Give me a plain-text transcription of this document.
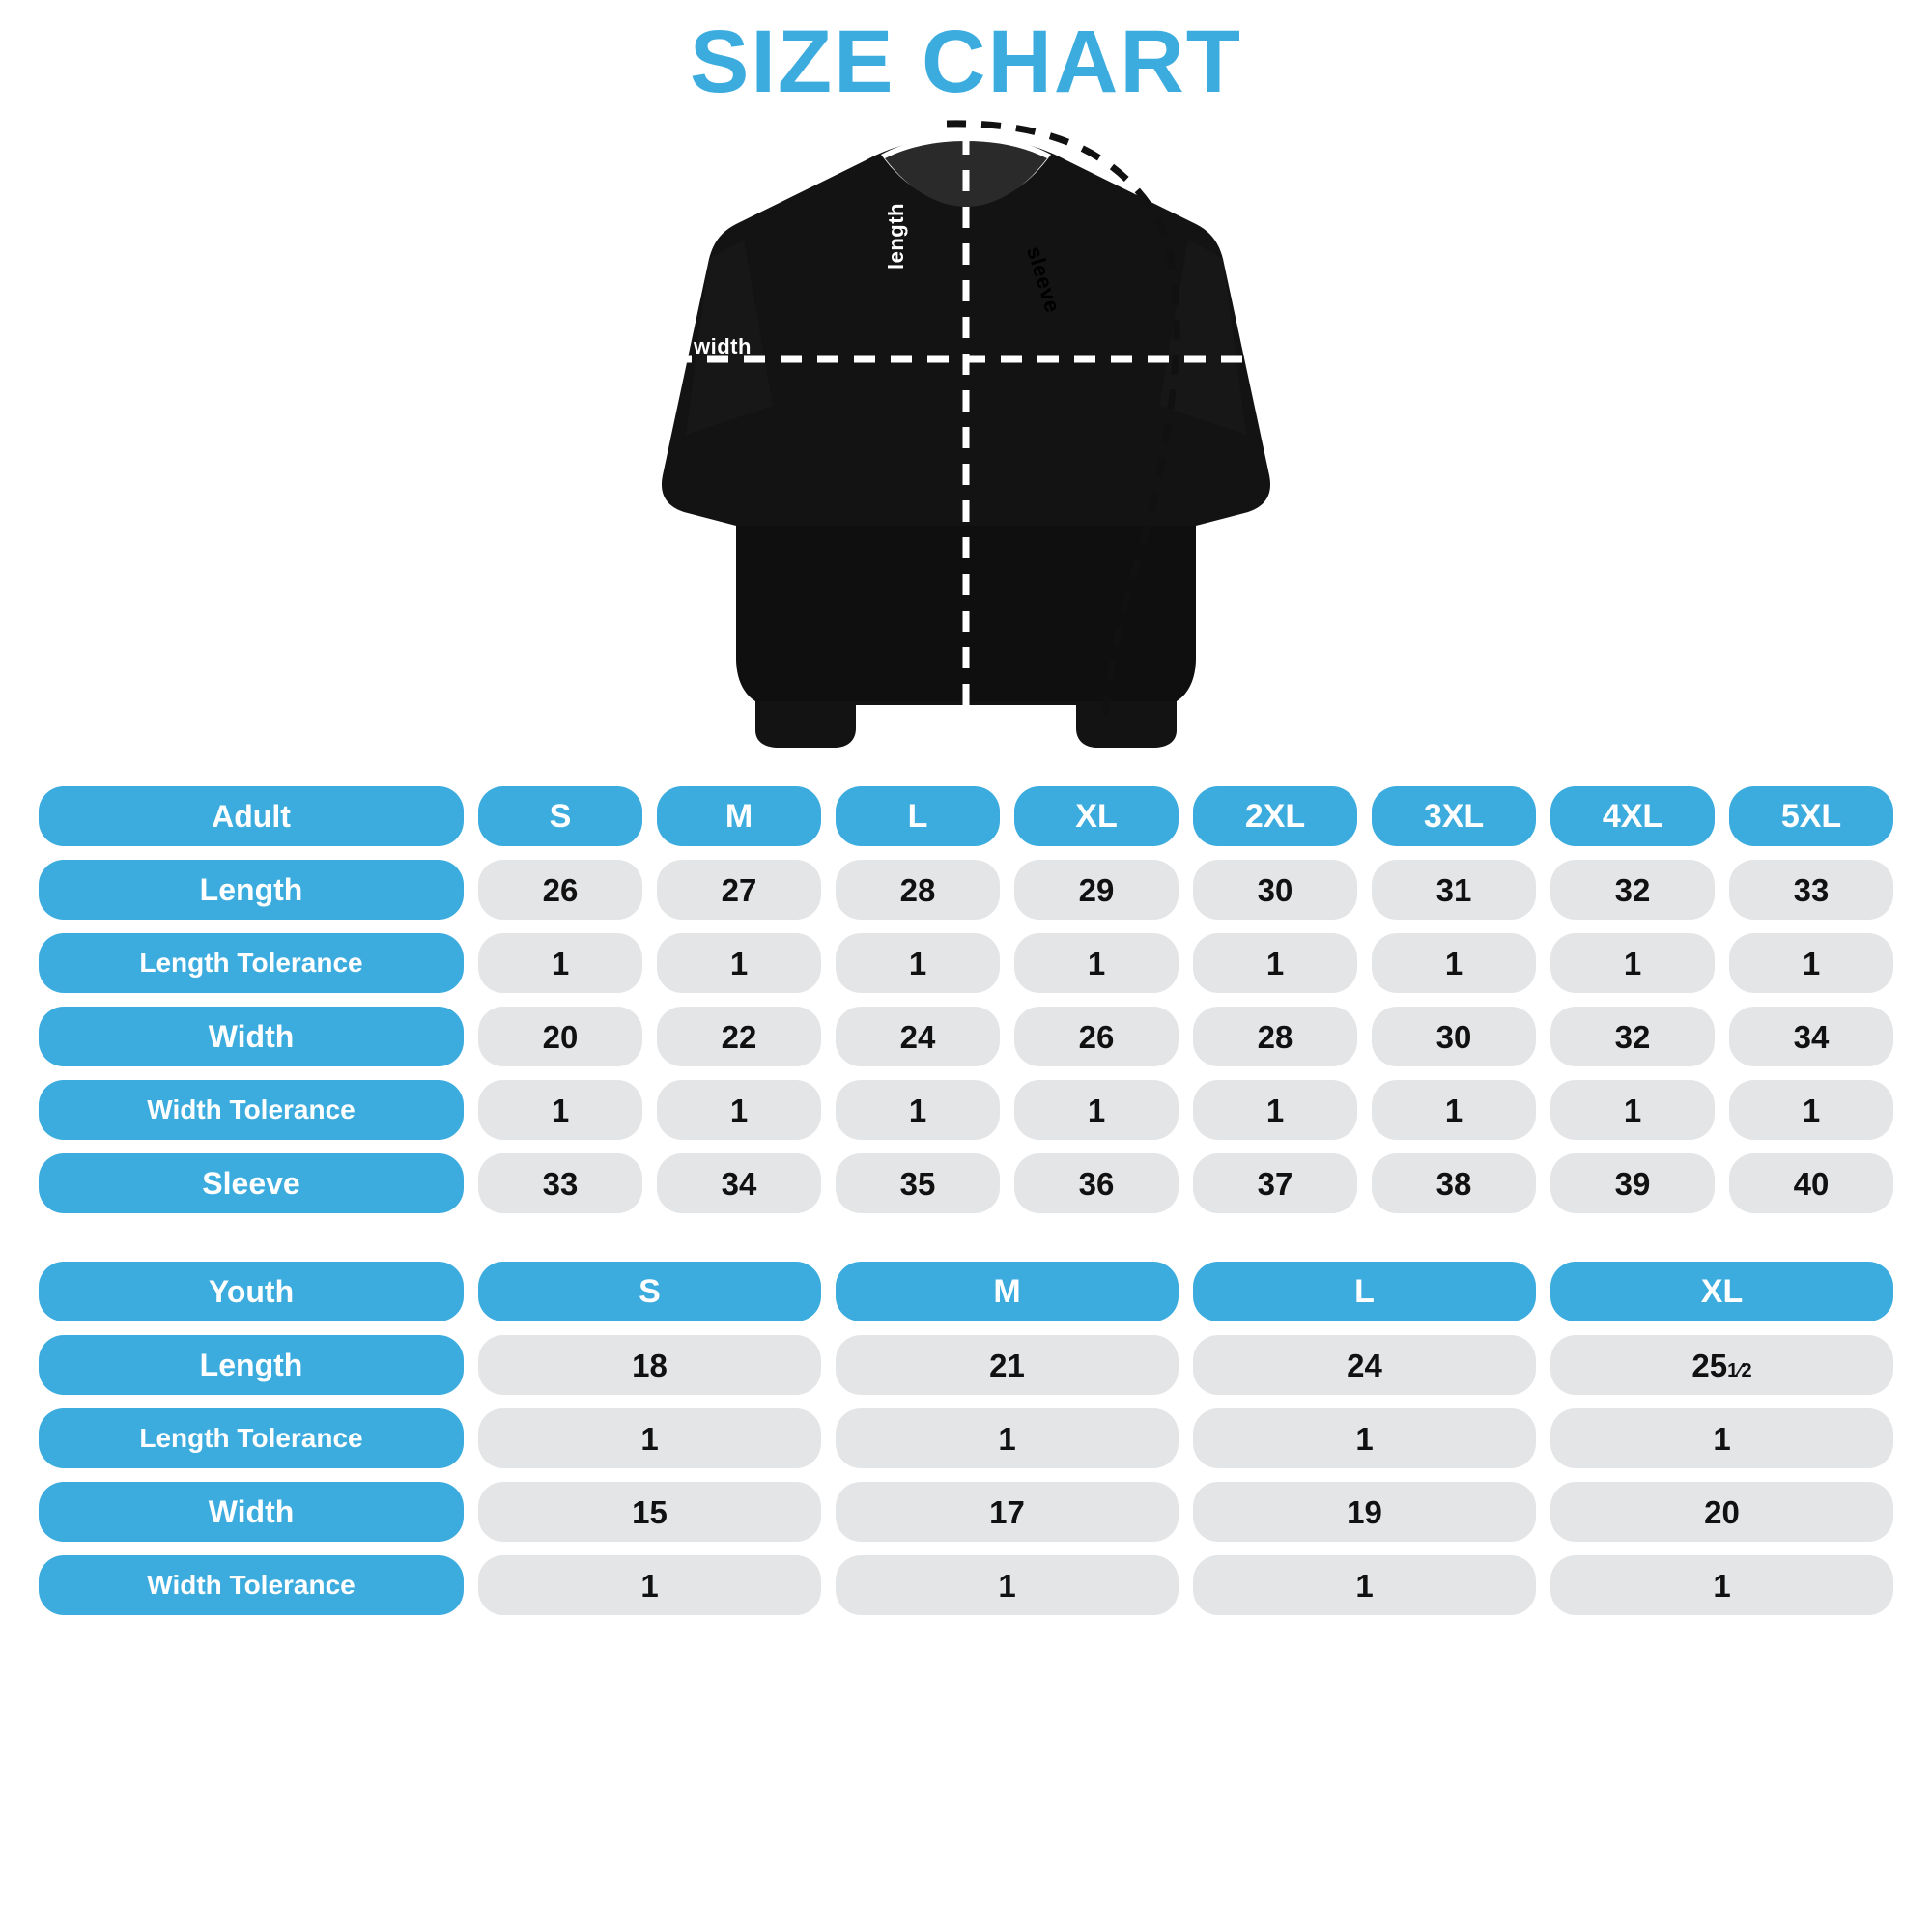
SIZE CHART
width
length
sleeve
Adult	S	M	L	XL	2XL	3XL	4XL	5XL
Length	26	27	28	29	30	31	32	33
Length Tolerance	1	1	1	1	1	1	1	1
Width	20	22	24	26	28	30	32	34
Width Tolerance	1	1	1	1	1	1	1	1
Sleeve	33	34	35	36	37	38	39	40
Youth	S	M	L	XL
Length	18	21	24	25 1⁄2
Length Tolerance	1	1	1	1
Width	15	17	19	20
Width Tolerance	1	1	1	1
